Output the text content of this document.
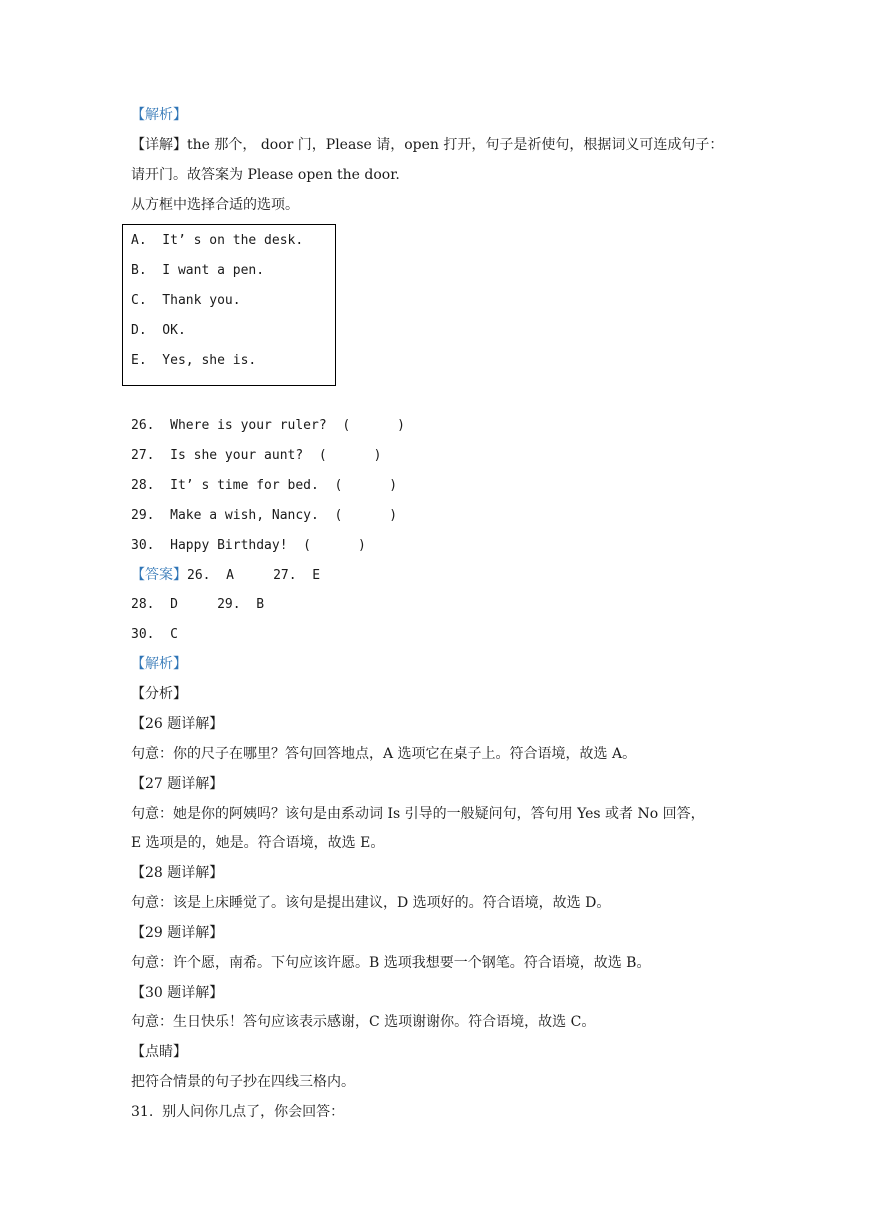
【解析】
【详解】the 那个， door 门，Please 请，open 打开，句子是祈使句，根据词义可连成句子：
请开门。故答案为 Please open the door.
从方框中选择合适的选项。
A.  It’ s on the desk.
B.  I want a pen.
C.  Thank you.
D.  OK.
E.  Yes, she is.
26.  Where is your ruler?  (      )
27.  Is she your aunt?  (      )
28.  It’ s time for bed.  (      )
29.  Make a wish, Nancy.  (      )
30.  Happy Birthday!  (      )
【答案】26.  A     27.  E
28.  D     29.  B
30.  C
【解析】
【分析】
【26 题详解】
句意：你的尺子在哪里？答句回答地点，A 选项它在桌子上。符合语境，故选 A。
【27 题详解】
句意：她是你的阿姨吗？该句是由系动词 Is 引导的一般疑问句，答句用 Yes 或者 No 回答，
E 选项是的，她是。符合语境，故选 E。
【28 题详解】
句意：该是上床睡觉了。该句是提出建议，D 选项好的。符合语境，故选 D。
【29 题详解】
句意：许个愿，南希。下句应该许愿。B 选项我想要一个钢笔。符合语境，故选 B。
【30 题详解】
句意：生日快乐！答句应该表示感谢，C 选项谢谢你。符合语境，故选 C。
【点睛】
把符合情景的句子抄在四线三格内。
31.  别人问你几点了，你会回答：
